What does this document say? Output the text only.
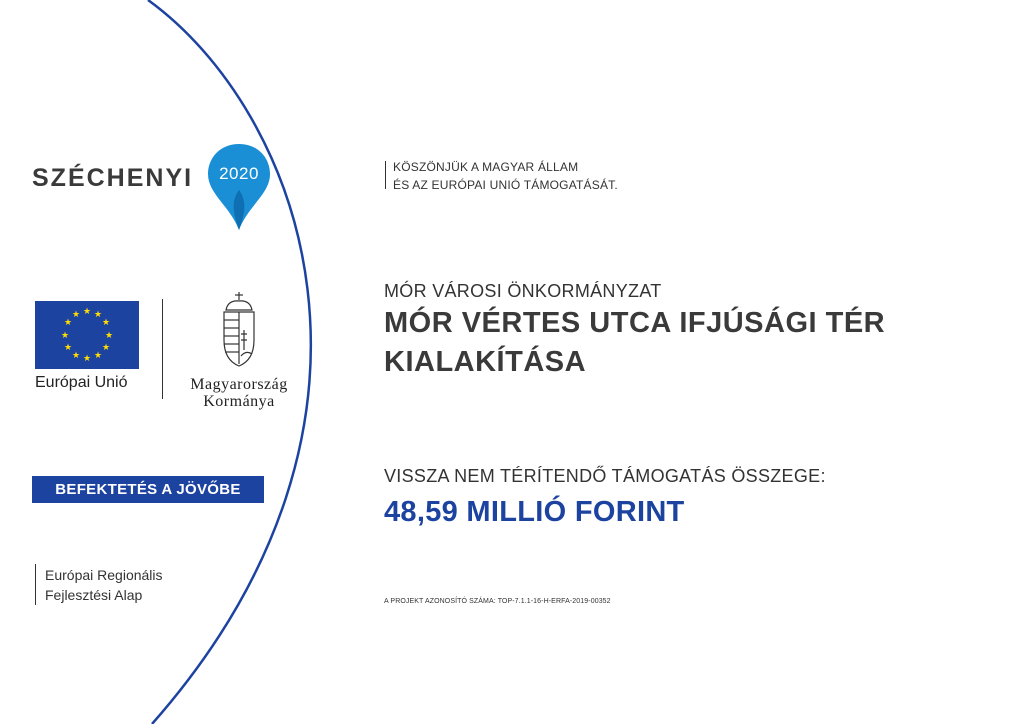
SZÉCHENYI	2020
★ ★
★
★
★
★
★
★
★
★
★
★
Európai Unió	Magyarország
Kormánya
BEFEKTETÉS A JÖVŐBE
Európai Regionális
Fejlesztési Alap
KÖSZÖNJÜK A MAGYAR ÁLLAM
ÉS AZ EURÓPAI UNIÓ TÁMOGATÁSÁT.
MÓR VÁROSI ÖNKORMÁNYZAT
MÓR VÉRTES UTCA IFJÚSÁGI TÉR
KIALAKÍTÁSA
VISSZA NEM TÉRÍTENDŐ TÁMOGATÁS ÖSSZEGE:
48,59 MILLIÓ FORINT
A PROJEKT AZONOSÍTÓ SZÁMA: TOP-7.1.1-16-H-ERFA-2019-00352
